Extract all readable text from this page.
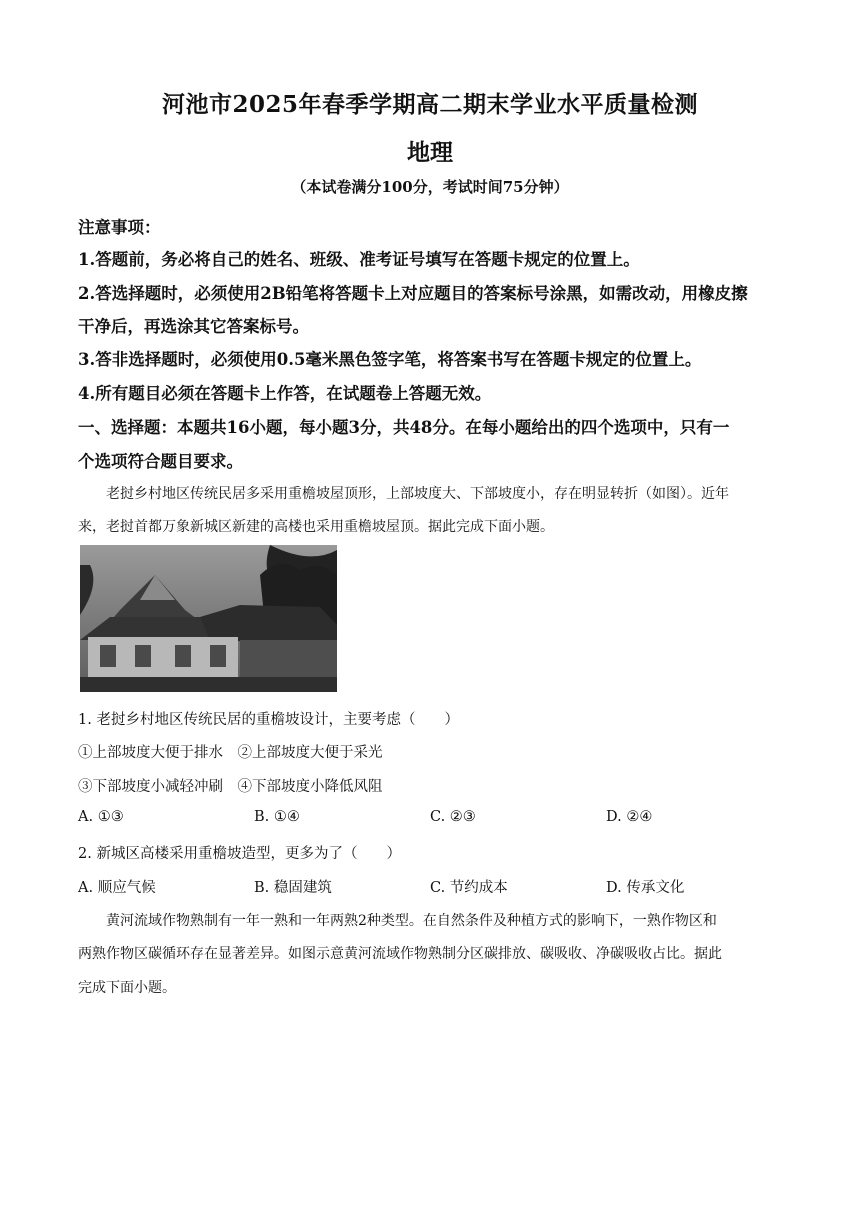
河池市2025年春季学期高二期末学业水平质量检测
地理
（本试卷满分100分，考试时间75分钟）
注意事项：
1.答题前，务必将自己的姓名、班级、准考证号填写在答题卡规定的位置上。
2.答选择题时，必须使用2B铅笔将答题卡上对应题目的答案标号涂黑，如需改动，用橡皮擦
干净后，再选涂其它答案标号。
3.答非选择题时，必须使用0.5毫米黑色签字笔，将答案书写在答题卡规定的位置上。
4.所有题目必须在答题卡上作答，在试题卷上答题无效。
一、选择题：本题共16小题，每小题3分，共48分。在每小题给出的四个选项中，只有一
个选项符合题目要求。
老挝乡村地区传统民居多采用重檐坡屋顶形，上部坡度大、下部坡度小，存在明显转折（如图）。近年
来，老挝首都万象新城区新建的高楼也采用重檐坡屋顶。据此完成下面小题。
1. 老挝乡村地区传统民居的重檐坡设计，主要考虑（　　）
①上部坡度大便于排水　②上部坡度大便于采光
③下部坡度小减轻冲刷　④下部坡度小降低风阻
A. ①③	B. ①④	C. ②③	D. ②④
2. 新城区高楼采用重檐坡造型，更多为了（　　）
A. 顺应气候	B. 稳固建筑	C. 节约成本	D. 传承文化
黄河流域作物熟制有一年一熟和一年两熟2种类型。在自然条件及种植方式的影响下，一熟作物区和
两熟作物区碳循环存在显著差异。如图示意黄河流域作物熟制分区碳排放、碳吸收、净碳吸收占比。据此
完成下面小题。
